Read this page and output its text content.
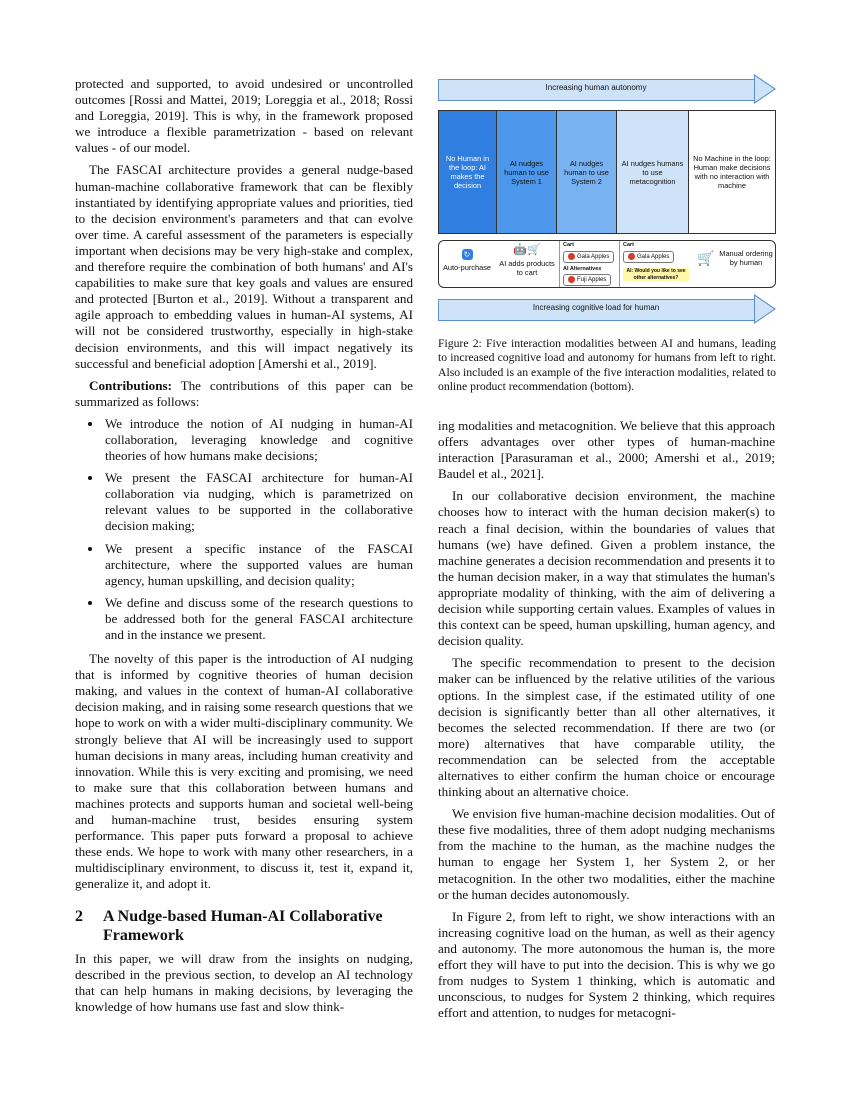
protected and supported, to avoid undesired or uncontrolled outcomes [Rossi and Mattei, 2019; Loreggia et al., 2018; Rossi and Loreggia, 2019]. This is why, in the framework proposed we introduce a flexible parametrization - based on relevant values - of our model.

The FASCAI architecture provides a general nudge-based human-machine collaborative framework that can be flexibly instantiated by identifying appropriate values and priorities, tied to the decision environment's parameters and that can evolve over time. A careful assessment of the parameters is especially important when decisions may be very high-stake and complex, and therefore require the combination of both humans' and AI's capabilities to make sure that key goals and values are ensured and protected [Burton et al., 2019]. Without a transparent and agile approach to embedding values in human-AI systems, AI will not be considered trustworthy, especially in high-stake decision environments, and this will impact negatively its successful and beneficial adoption [Amershi et al., 2019].

Contributions: The contributions of this paper can be summarized as follows:

• We introduce the notion of AI nudging in human-AI collaboration, leveraging knowledge and cognitive theories of how humans make decisions;
• We present the FASCAI architecture for human-AI collaboration via nudging, which is parametrized on relevant values to be supported in the collaborative decision making;
• We present a specific instance of the FASCAI architecture, where the supported values are human agency, human upskilling, and decision quality;
• We define and discuss some of the research questions to be addressed both for the general FASCAI architecture and in the instance we present.

The novelty of this paper is the introduction of AI nudging that is informed by cognitive theories of human decision making, and values in the context of human-AI collaborative decision making, and in raising some research questions that we hope to work on with a wider multi-disciplinary community. We strongly believe that AI will be increasingly used to support human decisions in many areas, including human creativity and innovation. While this is very exciting and promising, we need to make sure that this collaboration between humans and machines protects and supports human and societal well-being and human-machine trust, besides ensuring system performance. This paper puts forward a proposal to achieve these ends. We hope to work with many other researchers, in a multidisciplinary environment, to discuss it, test it, expand it, generalize it, and adopt it.

2	A Nudge-based Human-AI Collaborative Framework

In this paper, we will draw from the insights on nudging, described in the previous section, to develop an AI technology that can help humans in making decisions, by leveraging the knowledge of how humans use fast and slow think-

Increasing human autonomy
No Human in the loop: AI makes the decision
AI nudges human to use System 1
AI nudges human to use System 2
AI nudges humans to use metacognition
No Machine in the loop: Human make decisions with no interaction with machine
↻
Auto-purchase
🤖🛒
AI adds products to cart
Cart
Gala Apples
AI Alternatives
Fuji Apples
Cart
Gala Apples
AI: Would you like to see other alternatives?
🛒 Manual ordering by human
Increasing cognitive load for human
Figure 2: Five interaction modalities between AI and humans, leading to increased cognitive load and autonomy for humans from left to right. Also included is an example of the five interaction modalities, related to online product recommendation (bottom).

ing modalities and metacognition. We believe that this approach offers advantages over other types of human-machine interaction [Parasuraman et al., 2000; Amershi et al., 2019; Baudel et al., 2021].

In our collaborative decision environment, the machine chooses how to interact with the human decision maker(s) to reach a final decision, within the boundaries of values that humans (we) have defined. Given a problem instance, the machine generates a decision recommendation and presents it to the human decision maker, in a way that stimulates the human's appropriate modality of thinking, with the aim of delivering a decision while supporting certain values. Examples of values in this context can be speed, human upskilling, human agency, and decision quality.

The specific recommendation to present to the decision maker can be influenced by the relative utilities of the various options. In the simplest case, if the estimated utility of one decision is significantly better than all other alternatives, it becomes the selected recommendation. If there are two (or more) alternatives that have comparable utility, the recommendation can be selected from the acceptable alternatives to either confirm the human choice or encourage thinking about an alternative choice.

We envision five human-machine decision modalities. Out of these five modalities, three of them adopt nudging mechanisms from the machine to the human, as the machine nudges the human to engage her System 1, her System 2, or her metacognition. In the other two modalities, either the machine or the human decides autonomously.

In Figure 2, from left to right, we show interactions with an increasing cognitive load on the human, as well as their agency and autonomy. The more autonomous the human is, the more effort they will have to put into the decision. This is why we go from nudges to System 1 thinking, which is automatic and unconscious, to nudges for System 2 thinking, which requires effort and attention, to nudges for metacogni-
